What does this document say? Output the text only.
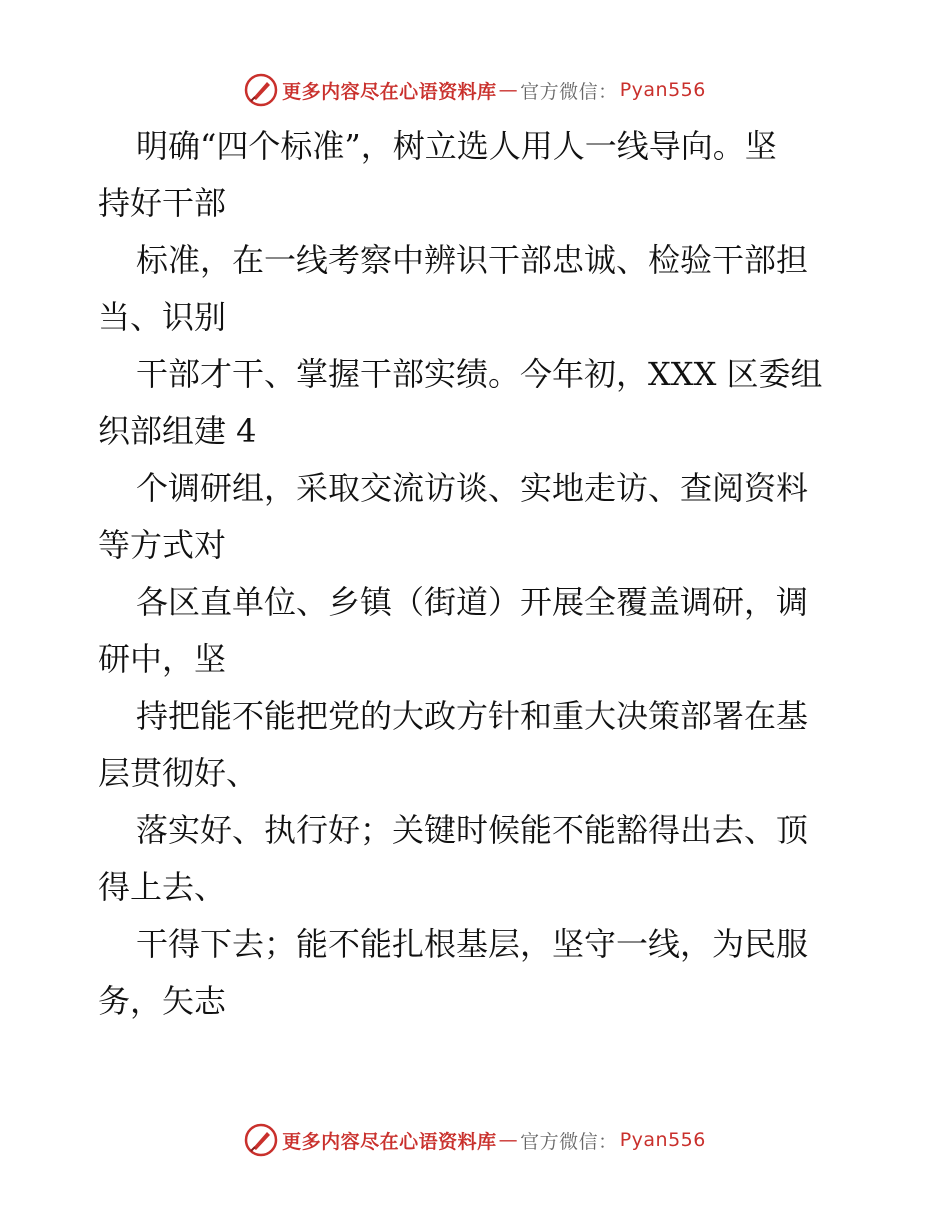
更多内容尽在心语资料库 — 官方微信： Pyan556

明确“四个标准”，树立选人用人一线导向。坚

持好干部

标准，在一线考察中辨识干部忠诚、检验干部担

当、识别

干部才干、掌握干部实绩。今年初，XXX 区委组

织部组建 4

个调研组，采取交流访谈、实地走访、查阅资料

等方式对

各区直单位、乡镇（街道）开展全覆盖调研，调

研中，坚

持把能不能把党的大政方针和重大决策部署在基

层贯彻好、

落实好、执行好；关键时候能不能豁得出去、顶

得上去、

干得下去；能不能扎根基层，坚守一线，为民服

务，矢志

更多内容尽在心语资料库 — 官方微信： Pyan556
